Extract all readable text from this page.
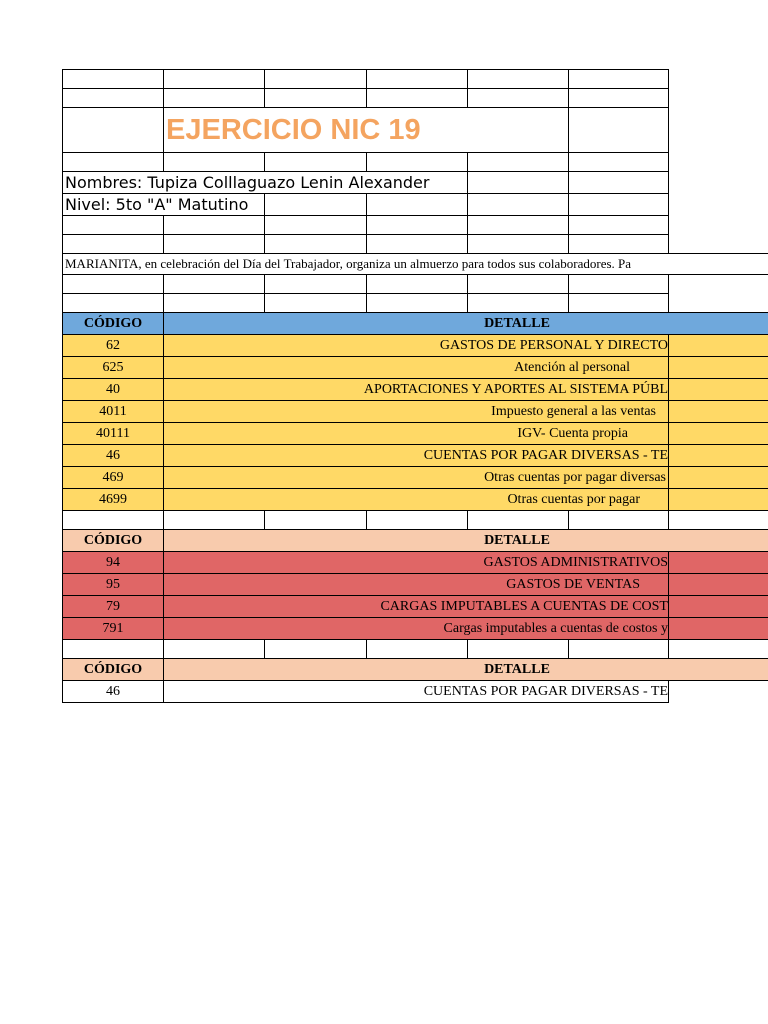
	EJERCICIO NIC 19					

Nombres: Tupiza Colllaguazo Lenin Alexander						
Nivel: 5to "A" Matutino						

MARIANITA, en celebración del Día del Trabajador, organiza un almuerzo para todos sus colaboradores. Pa						

CÓDIGO	DETALLE					
62	GASTOS DE PERSONAL Y DIRECTO					
625	Atención al personal					
40	APORTACIONES Y APORTES AL SISTEMA PÚBL					
4011	Impuesto general a las ventas					
40111	IGV- Cuenta propia					
46	CUENTAS POR PAGAR DIVERSAS - TE					
469	Otras cuentas por pagar diversas					
4699	Otras cuentas por pagar					

CÓDIGO	DETALLE					
94	GASTOS ADMINISTRATIVOS					
95	GASTOS DE VENTAS					
79	CARGAS IMPUTABLES A CUENTAS DE COST					
791	Cargas imputables a cuentas de costos y					

CÓDIGO	DETALLE					
46	CUENTAS POR PAGAR DIVERSAS - TE					
